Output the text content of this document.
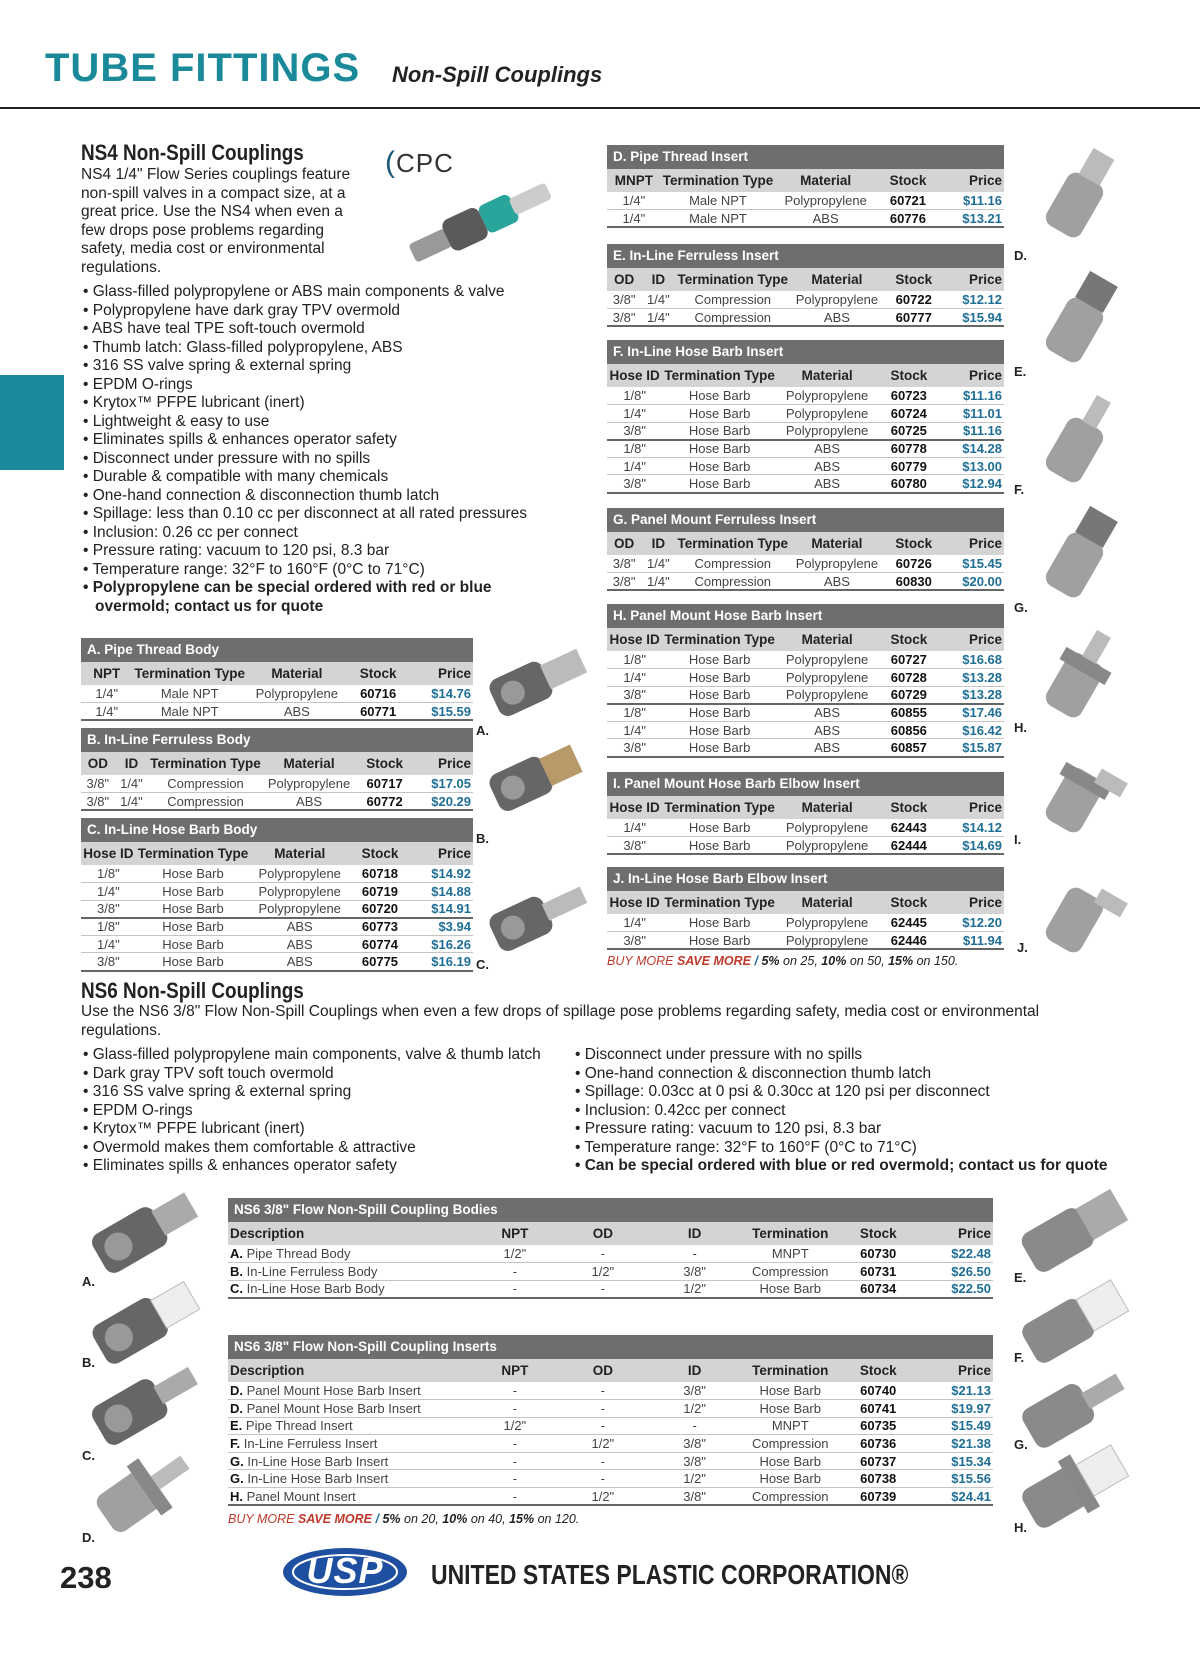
TUBE FITTINGS Non-Spill Couplings
NS4 Non-Spill Couplings
NS4 1/4" Flow Series couplings feature non-spill valves in a compact size, at a great price. Use the NS4 when even a few drops pose problems regarding safety, media cost or environmental regulations.
(CPC
• Glass-filled polypropylene or ABS main components & valve
• Polypropylene have dark gray TPV overmold
• ABS have teal TPE soft-touch overmold
• Thumb latch: Glass-filled polypropylene, ABS
• 316 SS valve spring & external spring
• EPDM O-rings
• Krytox™ PFPE lubricant (inert)
• Lightweight & easy to use
• Eliminates spills & enhances operator safety
• Disconnect under pressure with no spills
• Durable & compatible with many chemicals
• One-hand connection & disconnection thumb latch
• Spillage: less than 0.10 cc per disconnect at all rated pressures
• Inclusion: 0.26 cc per connect
• Pressure rating: vacuum to 120 psi, 8.3 bar
• Temperature range: 32°F to 160°F (0°C to 71°C)
• Polypropylene can be special ordered with red or blue overmold; contact us for quote
A. Pipe Thread Body
NPT	Termination Type	Material	Stock	Price
1/4"	Male NPT	Polypropylene	60716	$14.76
1/4"	Male NPT	ABS	60771	$15.59
B. In-Line Ferruless Body
OD	ID	Termination Type	Material	Stock	Price
3/8"	1/4"	Compression	Polypropylene	60717	$17.05
3/8"	1/4"	Compression	ABS	60772	$20.29
C. In-Line Hose Barb Body
Hose ID	Termination Type	Material	Stock	Price
1/8"	Hose Barb	Polypropylene	60718	$14.92
1/4"	Hose Barb	Polypropylene	60719	$14.88
3/8"	Hose Barb	Polypropylene	60720	$14.91
1/8"	Hose Barb	ABS	60773	$3.94
1/4"	Hose Barb	ABS	60774	$16.26
3/8"	Hose Barb	ABS	60775	$16.19
D. Pipe Thread Insert
MNPT	Termination Type	Material	Stock	Price
1/4"	Male NPT	Polypropylene	60721	$11.16
1/4"	Male NPT	ABS	60776	$13.21
E. In-Line Ferruless Insert
OD	ID	Termination Type	Material	Stock	Price
3/8"	1/4"	Compression	Polypropylene	60722	$12.12
3/8"	1/4"	Compression	ABS	60777	$15.94
F. In-Line Hose Barb Insert
Hose ID	Termination Type	Material	Stock	Price
1/8"	Hose Barb	Polypropylene	60723	$11.16
1/4"	Hose Barb	Polypropylene	60724	$11.01
3/8"	Hose Barb	Polypropylene	60725	$11.16
1/8"	Hose Barb	ABS	60778	$14.28
1/4"	Hose Barb	ABS	60779	$13.00
3/8"	Hose Barb	ABS	60780	$12.94
G. Panel Mount Ferruless Insert
OD	ID	Termination Type	Material	Stock	Price
3/8"	1/4"	Compression	Polypropylene	60726	$15.45
3/8"	1/4"	Compression	ABS	60830	$20.00
H. Panel Mount Hose Barb Insert
Hose ID	Termination Type	Material	Stock	Price
1/8"	Hose Barb	Polypropylene	60727	$16.68
1/4"	Hose Barb	Polypropylene	60728	$13.28
3/8"	Hose Barb	Polypropylene	60729	$13.28
1/8"	Hose Barb	ABS	60855	$17.46
1/4"	Hose Barb	ABS	60856	$16.42
3/8"	Hose Barb	ABS	60857	$15.87
I. Panel Mount Hose Barb Elbow Insert
Hose ID	Termination Type	Material	Stock	Price
1/4"	Hose Barb	Polypropylene	62443	$14.12
3/8"	Hose Barb	Polypropylene	62444	$14.69
J. In-Line Hose Barb Elbow Insert
Hose ID	Termination Type	Material	Stock	Price
1/4"	Hose Barb	Polypropylene	62445	$12.20
3/8"	Hose Barb	Polypropylene	62446	$11.94
BUY MORE SAVE MORE / 5% on 25, 10% on 50, 15% on 150.
A.
B.
C.
D.
E.
F.
G.
H.
I.
J.
NS6 Non-Spill Couplings
Use the NS6 3/8" Flow Non-Spill Couplings when even a few drops of spillage pose problems regarding safety, media cost or environmental regulations.
• Glass-filled polypropylene main components, valve & thumb latch
• Dark gray TPV soft touch overmold
• 316 SS valve spring & external spring
• EPDM O-rings
• Krytox™ PFPE lubricant (inert)
• Overmold makes them comfortable & attractive
• Eliminates spills & enhances operator safety
• Disconnect under pressure with no spills
• One-hand connection & disconnection thumb latch
• Spillage: 0.03cc at 0 psi & 0.30cc at 120 psi per disconnect
• Inclusion: 0.42cc per connect
• Pressure rating: vacuum to 120 psi, 8.3 bar
• Temperature range: 32°F to 160°F (0°C to 71°C)
• Can be special ordered with blue or red overmold; contact us for quote
NS6 3/8" Flow Non-Spill Coupling Bodies
Description	NPT	OD	ID	Termination	Stock	Price
A. Pipe Thread Body	1/2"	-	-	MNPT	60730	$22.48
B. In-Line Ferruless Body	-	1/2"	3/8"	Compression	60731	$26.50
C. In-Line Hose Barb Body	-	-	1/2"	Hose Barb	60734	$22.50
NS6 3/8" Flow Non-Spill Coupling Inserts
Description	NPT	OD	ID	Termination	Stock	Price
D. Panel Mount Hose Barb Insert	-	-	3/8"	Hose Barb	60740	$21.13
D. Panel Mount Hose Barb Insert	-	-	1/2"	Hose Barb	60741	$19.97
E. Pipe Thread Insert	1/2"	-	-	MNPT	60735	$15.49
F. In-Line Ferruless Insert	-	1/2"	3/8"	Compression	60736	$21.38
G. In-Line Hose Barb Insert	-	-	3/8"	Hose Barb	60737	$15.34
G. In-Line Hose Barb Insert	-	-	1/2"	Hose Barb	60738	$15.56
H. Panel Mount Insert	-	1/2"	3/8"	Compression	60739	$24.41
BUY MORE SAVE MORE / 5% on 20, 10% on 40, 15% on 120.
A.
B.
C.
D.
E.
F.
G.
H.
238	USP	UNITED STATES PLASTIC CORPORATION®
